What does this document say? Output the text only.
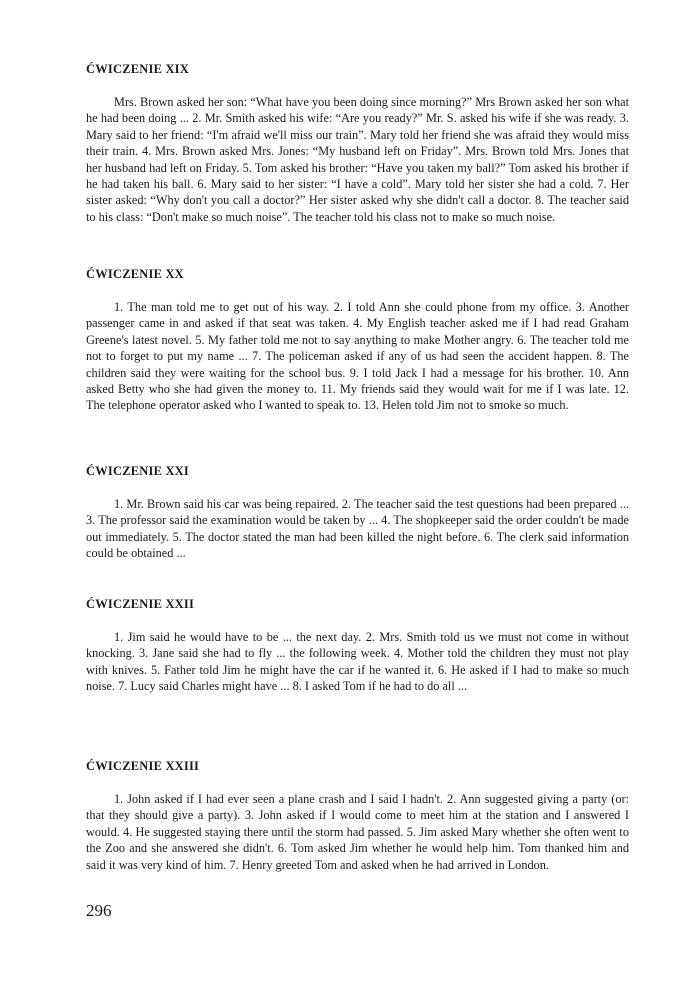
ĆWICZENIE XIX

Mrs. Brown asked her son: “What have you been doing since morning?” Mrs Brown asked her son what he had been doing ... 2. Mr. Smith asked his wife: “Are you ready?” Mr. S. asked his wife if she was ready. 3. Mary said to her friend: “I'm afraid we'll miss our train”. Mary told her friend she was afraid they would miss their train. 4. Mrs. Brown asked Mrs. Jones: “My husband left on Friday”. Mrs. Brown told Mrs. Jones that her husband had left on Friday. 5. Tom asked his brother: “Have you taken my ball?” Tom asked his brother if he had taken his ball. 6. Mary said to her sister: “I have a cold”. Mary told her sister she had a cold. 7. Her sister asked: “Why don't you call a doctor?” Her sister asked why she didn't call a doctor. 8. The teacher said to his class: “Don't make so much noise”. The teacher told his class not to make so much noise.

ĆWICZENIE XX

1. The man told me to get out of his way. 2. I told Ann she could phone from my office. 3. Another passenger came in and asked if that seat was taken. 4. My English teacher asked me if I had read Graham Greene's latest novel. 5. My father told me not to say anything to make Mother angry. 6. The teacher told me not to forget to put my name ... 7. The policeman asked if any of us had seen the accident happen. 8. The children said they were waiting for the school bus. 9. I told Jack I had a message for his brother. 10. Ann asked Betty who she had given the money to. 11. My friends said they would wait for me if I was late. 12. The telephone operator asked who I wanted to speak to. 13. Helen told Jim not to smoke so much.

ĆWICZENIE XXI

1. Mr. Brown said his car was being repaired. 2. The teacher said the test questions had been prepared ... 3. The professor said the examination would be taken by ... 4. The shopkeeper said the order couldn't be made out immediately. 5. The doctor stated the man had been killed the night before. 6. The clerk said information could be obtained ...

ĆWICZENIE XXII

1. Jim said he would have to be ... the next day. 2. Mrs. Smith told us we must not come in without knocking. 3. Jane said she had to fly ... the following week. 4. Mother told the children they must not play with knives. 5. Father told Jim he might have the car if he wanted it. 6. He asked if I had to make so much noise. 7. Lucy said Charles might have ... 8. I asked Tom if he had to do all ...

ĆWICZENIE XXIII

1. John asked if I had ever seen a plane crash and I said I hadn't. 2. Ann suggested giving a party (or: that they should give a party). 3. John asked if I would come to meet him at the station and I answered I would. 4. He suggested staying there until the storm had passed. 5. Jim asked Mary whether she often went to the Zoo and she answered she didn't. 6. Tom asked Jim whether he would help him. Tom thanked him and said it was very kind of him. 7. Henry greeted Tom and asked when he had arrived in London.

296
